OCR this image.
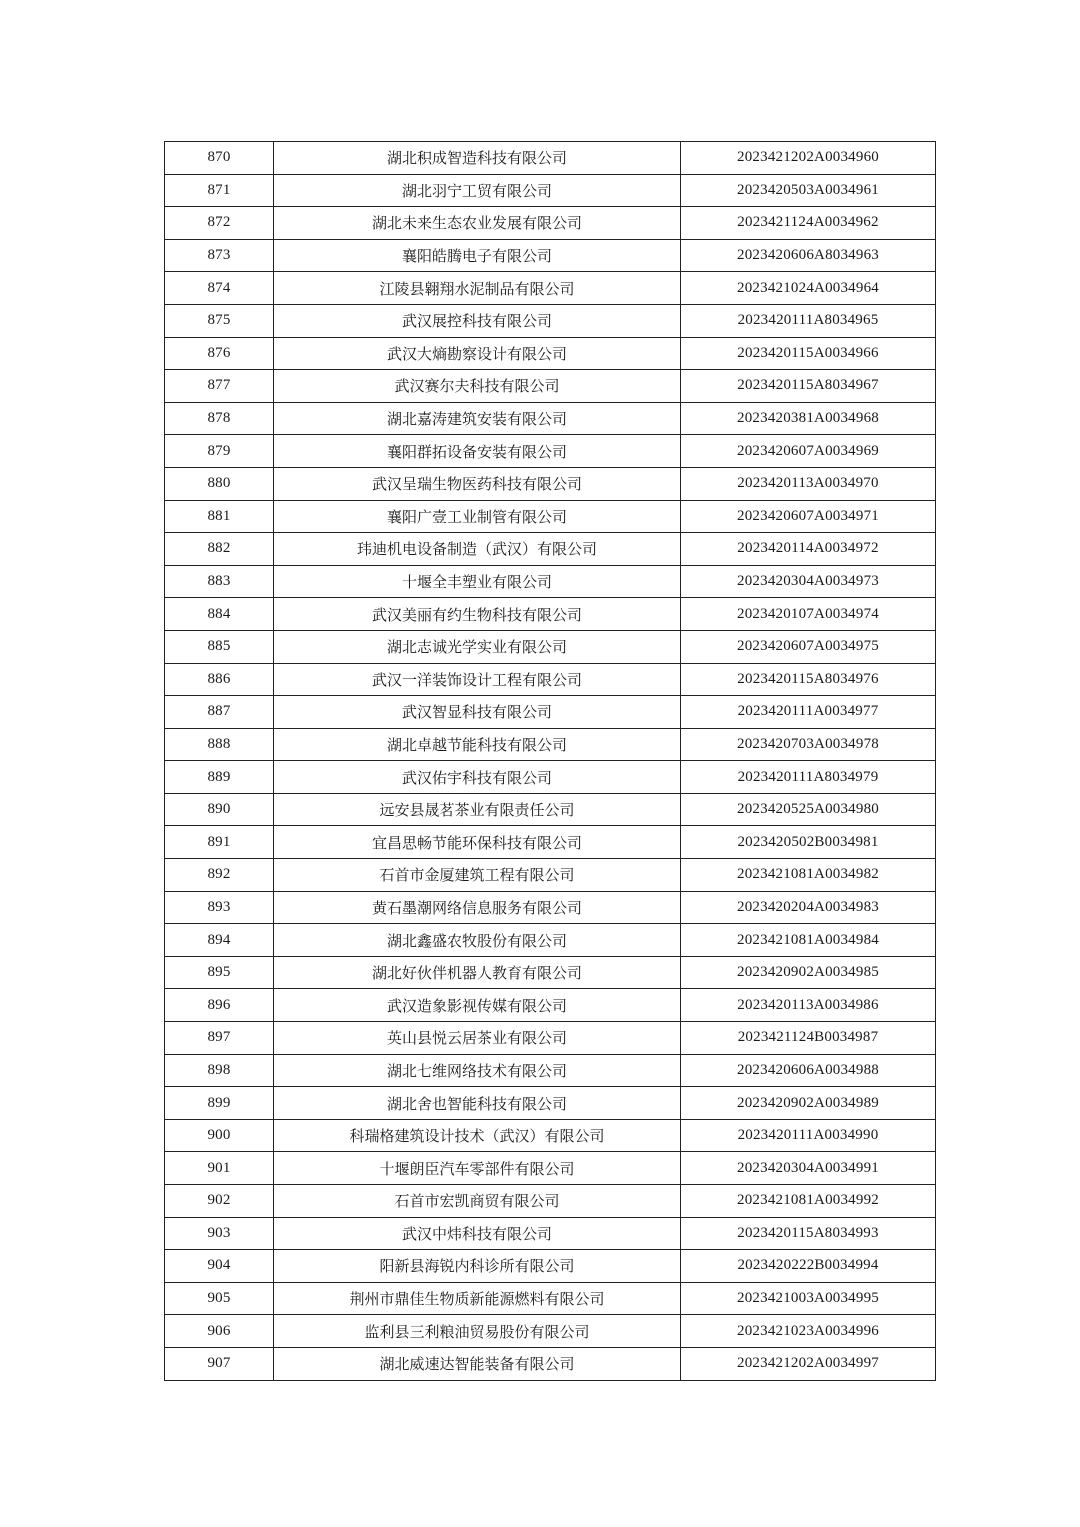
870	湖北积成智造科技有限公司	2023421202A0034960
871	湖北羽宁工贸有限公司	2023420503A0034961
872	湖北未来生态农业发展有限公司	2023421124A0034962
873	襄阳皓腾电子有限公司	2023420606A8034963
874	江陵县翱翔水泥制品有限公司	2023421024A0034964
875	武汉展控科技有限公司	2023420111A8034965
876	武汉大熵勘察设计有限公司	2023420115A0034966
877	武汉赛尔夫科技有限公司	2023420115A8034967
878	湖北嘉涛建筑安装有限公司	2023420381A0034968
879	襄阳群拓设备安装有限公司	2023420607A0034969
880	武汉呈瑞生物医药科技有限公司	2023420113A0034970
881	襄阳广壹工业制管有限公司	2023420607A0034971
882	玮迪机电设备制造（武汉）有限公司	2023420114A0034972
883	十堰全丰塑业有限公司	2023420304A0034973
884	武汉美丽有约生物科技有限公司	2023420107A0034974
885	湖北志诚光学实业有限公司	2023420607A0034975
886	武汉一洋装饰设计工程有限公司	2023420115A8034976
887	武汉智显科技有限公司	2023420111A0034977
888	湖北卓越节能科技有限公司	2023420703A0034978
889	武汉佑宇科技有限公司	2023420111A8034979
890	远安县晟茗茶业有限责任公司	2023420525A0034980
891	宜昌思畅节能环保科技有限公司	2023420502B0034981
892	石首市金厦建筑工程有限公司	2023421081A0034982
893	黄石墨潮网络信息服务有限公司	2023420204A0034983
894	湖北鑫盛农牧股份有限公司	2023421081A0034984
895	湖北好伙伴机器人教育有限公司	2023420902A0034985
896	武汉造象影视传媒有限公司	2023420113A0034986
897	英山县悦云居茶业有限公司	2023421124B0034987
898	湖北七维网络技术有限公司	2023420606A0034988
899	湖北舍也智能科技有限公司	2023420902A0034989
900	科瑞格建筑设计技术（武汉）有限公司	2023420111A0034990
901	十堰朗臣汽车零部件有限公司	2023420304A0034991
902	石首市宏凯商贸有限公司	2023421081A0034992
903	武汉中炜科技有限公司	2023420115A8034993
904	阳新县海锐内科诊所有限公司	2023420222B0034994
905	荆州市鼎佳生物质新能源燃料有限公司	2023421003A0034995
906	监利县三利粮油贸易股份有限公司	2023421023A0034996
907	湖北威速达智能装备有限公司	2023421202A0034997
